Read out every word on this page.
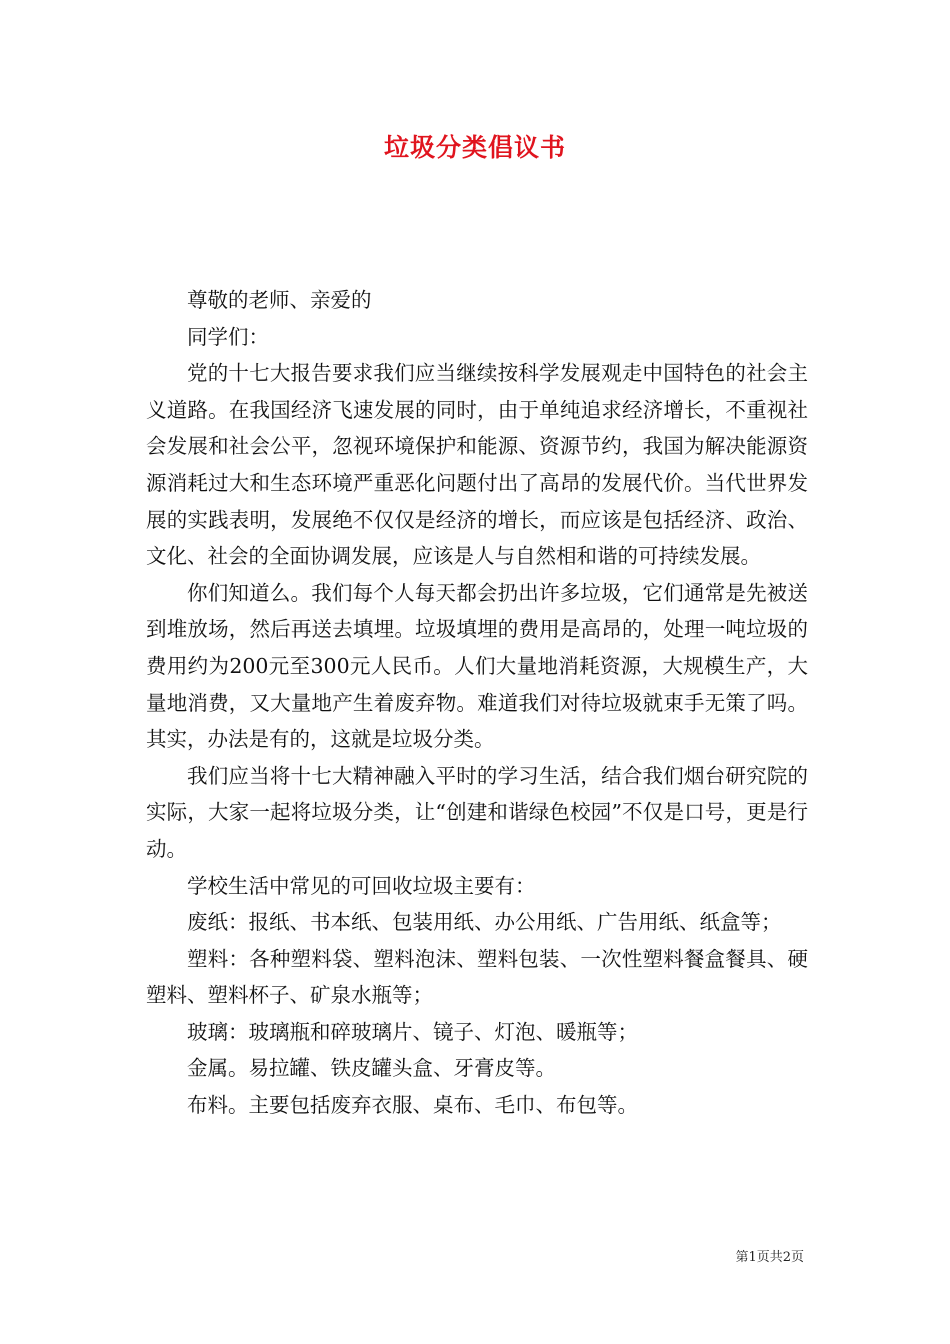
垃圾分类倡议书

尊敬的老师、亲爱的

同学们：

党的十七大报告要求我们应当继续按科学发展观走中国特色的社会主义道路。在我国经济飞速发展的同时，由于单纯追求经济增长，不重视社会发展和社会公平，忽视环境保护和能源、资源节约，我国为解决能源资源消耗过大和生态环境严重恶化问题付出了高昂的发展代价。当代世界发展的实践表明，发展绝不仅仅是经济的增长，而应该是包括经济、政治、文化、社会的全面协调发展，应该是人与自然相和谐的可持续发展。

你们知道么。我们每个人每天都会扔出许多垃圾，它们通常是先被送到堆放场，然后再送去填埋。垃圾填埋的费用是高昂的，处理一吨垃圾的费用约为200元至300元人民币。人们大量地消耗资源，大规模生产，大量地消费，又大量地产生着废弃物。难道我们对待垃圾就束手无策了吗。其实，办法是有的，这就是垃圾分类。

我们应当将十七大精神融入平时的学习生活，结合我们烟台研究院的实际，大家一起将垃圾分类，让“创建和谐绿色校园”不仅是口号，更是行动。

学校生活中常见的可回收垃圾主要有：

废纸：报纸、书本纸、包装用纸、办公用纸、广告用纸、纸盒等；

塑料：各种塑料袋、塑料泡沫、塑料包装、一次性塑料餐盒餐具、硬塑料、塑料杯子、矿泉水瓶等；

玻璃：玻璃瓶和碎玻璃片、镜子、灯泡、暖瓶等；

金属。易拉罐、铁皮罐头盒、牙膏皮等。

布料。主要包括废弃衣服、桌布、毛巾、布包等。

第1页共2页
